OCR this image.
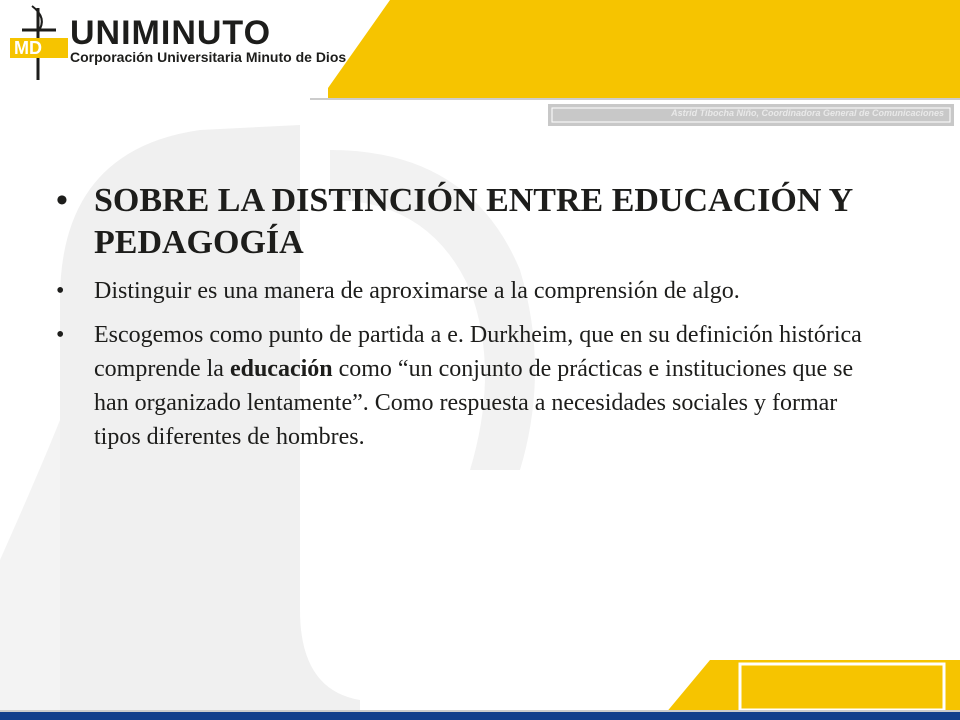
MD UNIMINUTO
Corporación Universitaria Minuto de Dios
Astrid Tibocha Niño, Coordinadora General de Comunicaciones
• SOBRE LA DISTINCIÓN ENTRE EDUCACIÓN Y PEDAGOGÍA
• Distinguir es una manera de aproximarse a la comprensión de algo.
• Escogemos como punto de partida a e. Durkheim, que en su definición histórica comprende la educación como “un conjunto de prácticas e instituciones que se han organizado lentamente”. Como respuesta a necesidades sociales y formar tipos diferentes de hombres.
